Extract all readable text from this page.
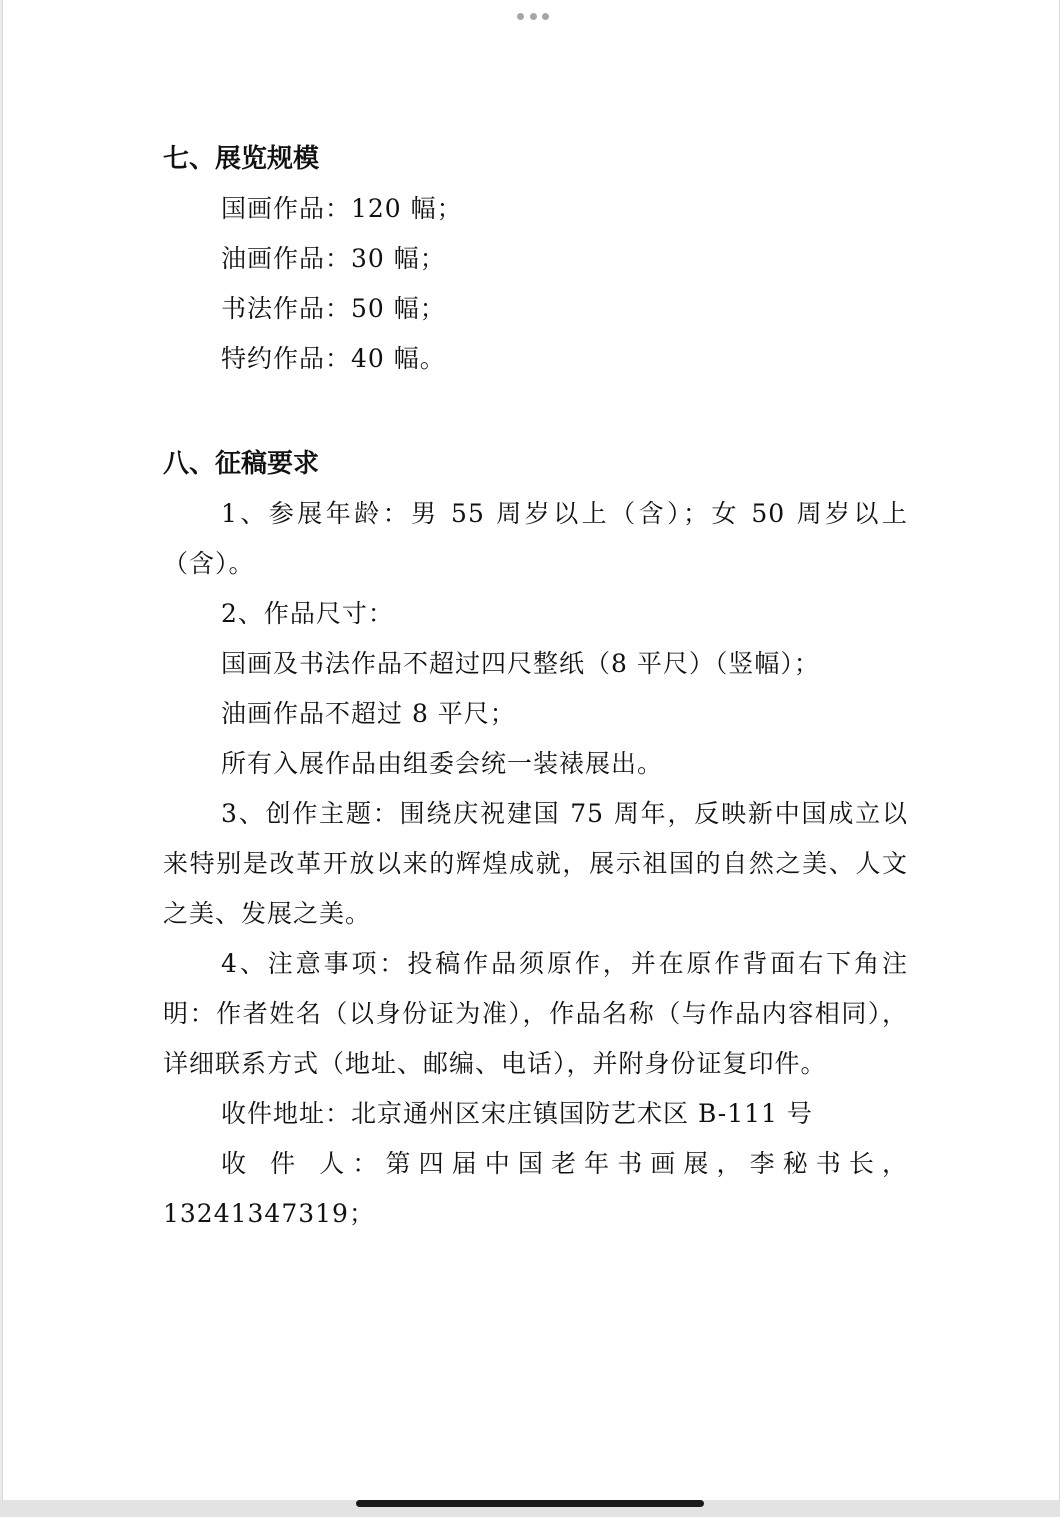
七、展览规模

国画作品：120 幅；

油画作品：30 幅；

书法作品：50 幅；

特约作品：40 幅。

八、征稿要求

1、参展年龄：男 55 周岁以上（含）；女 50 周岁以上（含）。

2、作品尺寸：

国画及书法作品不超过四尺整纸（8 平尺）（竖幅）；

油画作品不超过 8 平尺；

所有入展作品由组委会统一装裱展出。

3、创作主题：围绕庆祝建国 75 周年，反映新中国成立以来特别是改革开放以来的辉煌成就，展示祖国的自然之美、人文之美、发展之美。

4、注意事项：投稿作品须原作，并在原作背面右下角注明：作者姓名（以身份证为准），作品名称（与作品内容相同），详细联系方式（地址、邮编、电话），并附身份证复印件。

收件地址：北京通州区宋庄镇国防艺术区 B-111 号

收 件 人：第四届中国老年书画展，李秘书长，13241347319；
